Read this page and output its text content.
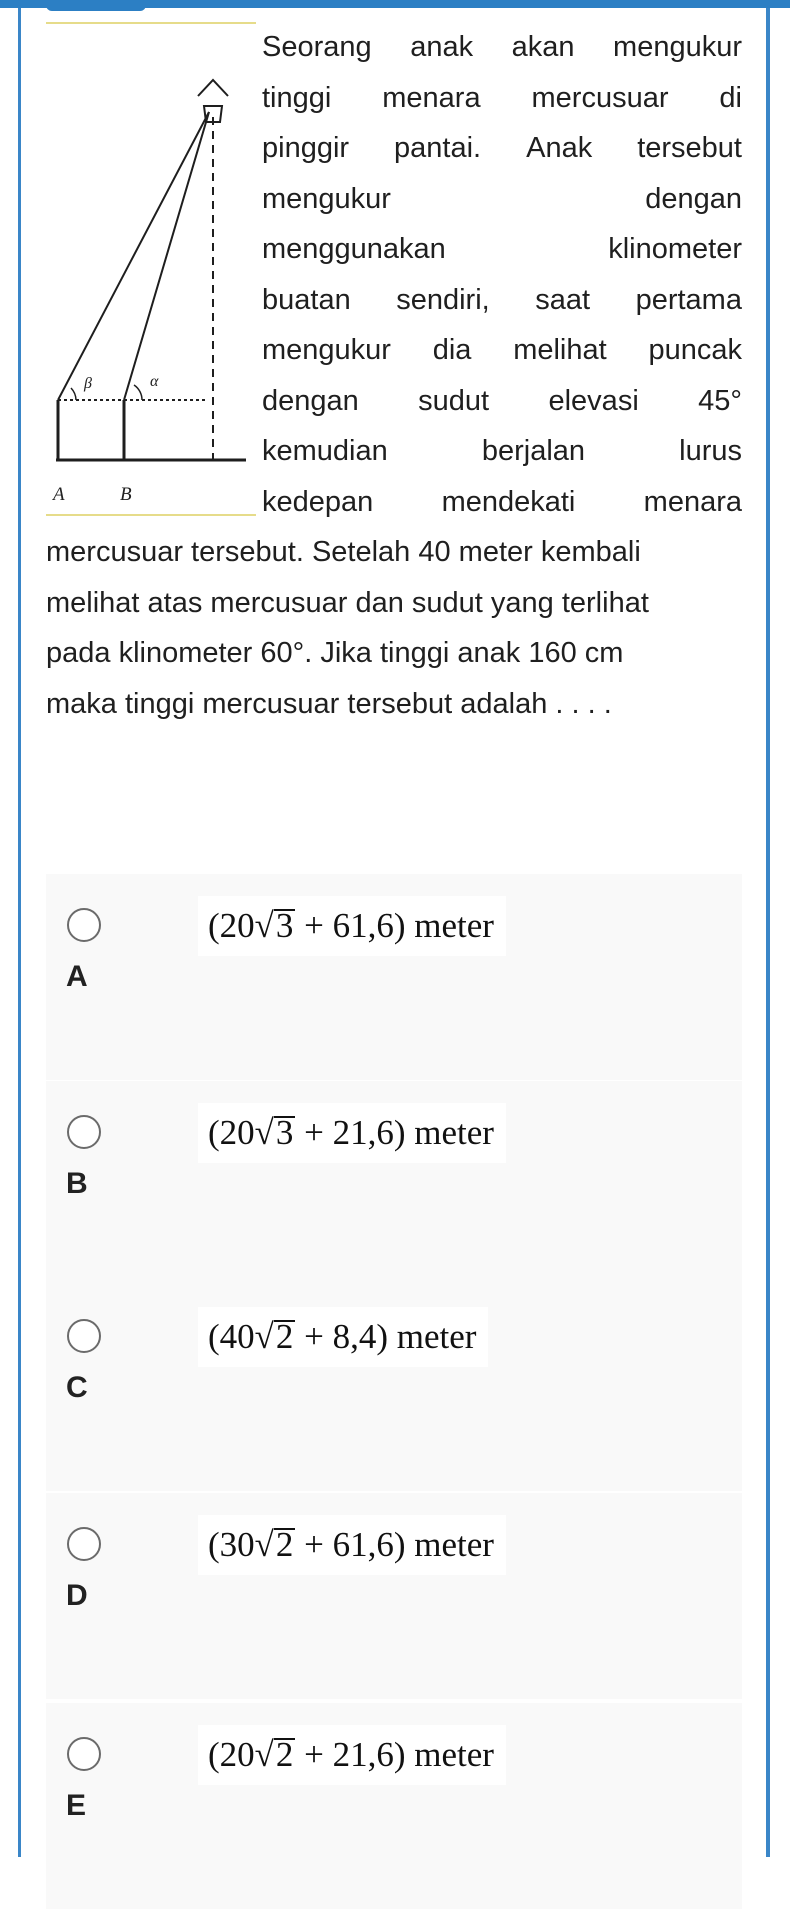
β	α
A	B
Seorang anak akan mengukur
tinggi menara mercusuar di
pinggir pantai. Anak tersebut
mengukur	dengan
menggunakan	klinometer
buatan sendiri, saat pertama
mengukur dia melihat puncak
dengan sudut elevasi 45°
kemudian	berjalan	lurus
kedepan mendekati menara
mercusuar tersebut. Setelah 40 meter kembali
melihat atas mercusuar dan sudut yang terlihat
pada klinometer 60°. Jika tinggi anak 160 cm
maka tinggi mercusuar tersebut adalah . . . .
(20√3 + 61,6) meter
A
(20√3 + 21,6) meter
B
(40√2 + 8,4) meter
C
(30√2 + 61,6) meter
D
(20√2 + 21,6) meter
E
